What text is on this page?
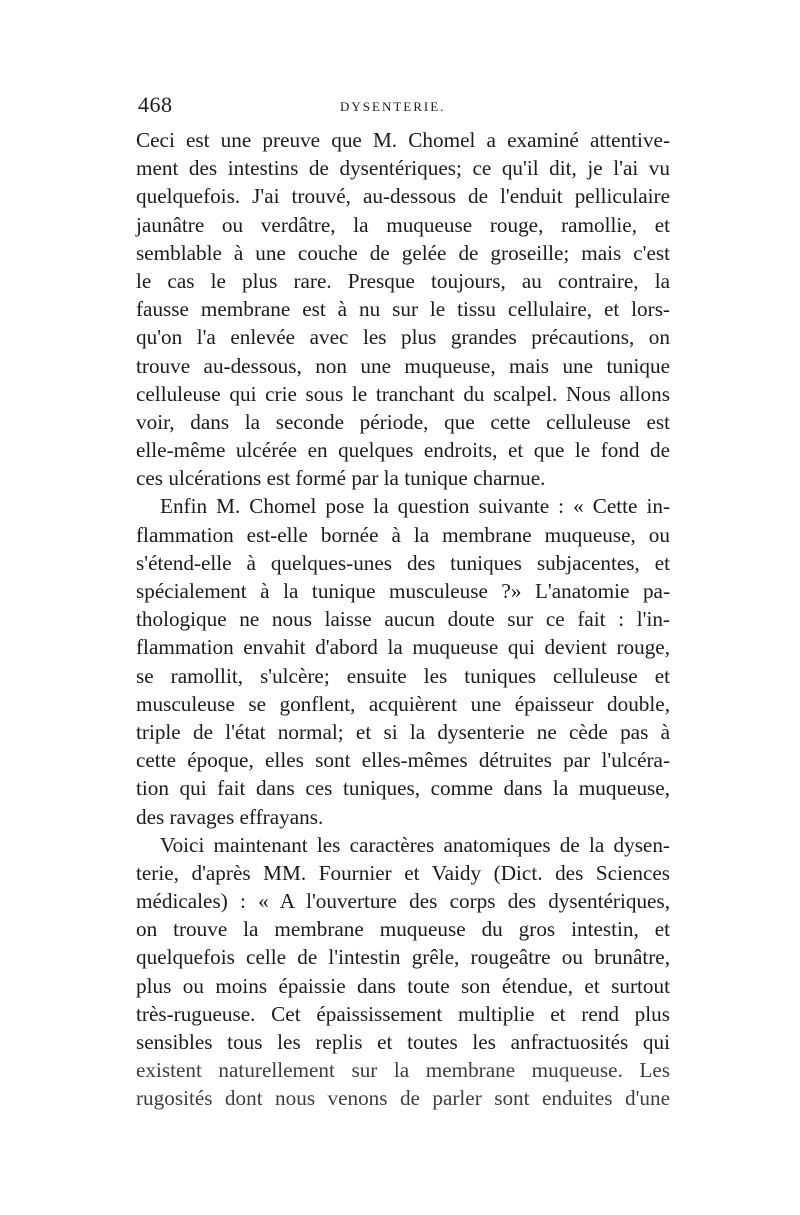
468	DYSENTERIE.
Ceci est une preuve que M. Chomel a examiné attentive-
ment des intestins de dysentériques; ce qu'il dit, je l'ai vu
quelquefois. J'ai trouvé, au-dessous de l'enduit pelliculaire
jaunâtre ou verdâtre, la muqueuse rouge, ramollie, et
semblable à une couche de gelée de groseille; mais c'est
le cas le plus rare. Presque toujours, au contraire, la
fausse membrane est à nu sur le tissu cellulaire, et lors-
qu'on l'a enlevée avec les plus grandes précautions, on
trouve au-dessous, non une muqueuse, mais une tunique
celluleuse qui crie sous le tranchant du scalpel. Nous allons
voir, dans la seconde période, que cette celluleuse est
elle-même ulcérée en quelques endroits, et que le fond de
ces ulcérations est formé par la tunique charnue.
Enfin M. Chomel pose la question suivante : « Cette in-
flammation est-elle bornée à la membrane muqueuse, ou
s'étend-elle à quelques-unes des tuniques subjacentes, et
spécialement à la tunique musculeuse ?» L'anatomie pa-
thologique ne nous laisse aucun doute sur ce fait : l'in-
flammation envahit d'abord la muqueuse qui devient rouge,
se ramollit, s'ulcère; ensuite les tuniques celluleuse et
musculeuse se gonflent, acquièrent une épaisseur double,
triple de l'état normal; et si la dysenterie ne cède pas à
cette époque, elles sont elles-mêmes détruites par l'ulcéra-
tion qui fait dans ces tuniques, comme dans la muqueuse,
des ravages effrayans.
Voici maintenant les caractères anatomiques de la dysen-
terie, d'après MM. Fournier et Vaidy (Dict. des Sciences
médicales) : « A l'ouverture des corps des dysentériques,
on trouve la membrane muqueuse du gros intestin, et
quelquefois celle de l'intestin grêle, rougeâtre ou brunâtre,
plus ou moins épaissie dans toute son étendue, et surtout
très-rugueuse. Cet épaississement multiplie et rend plus
sensibles tous les replis et toutes les anfractuosités qui
existent naturellement sur la membrane muqueuse. Les
rugosités dont nous venons de parler sont enduites d'une
